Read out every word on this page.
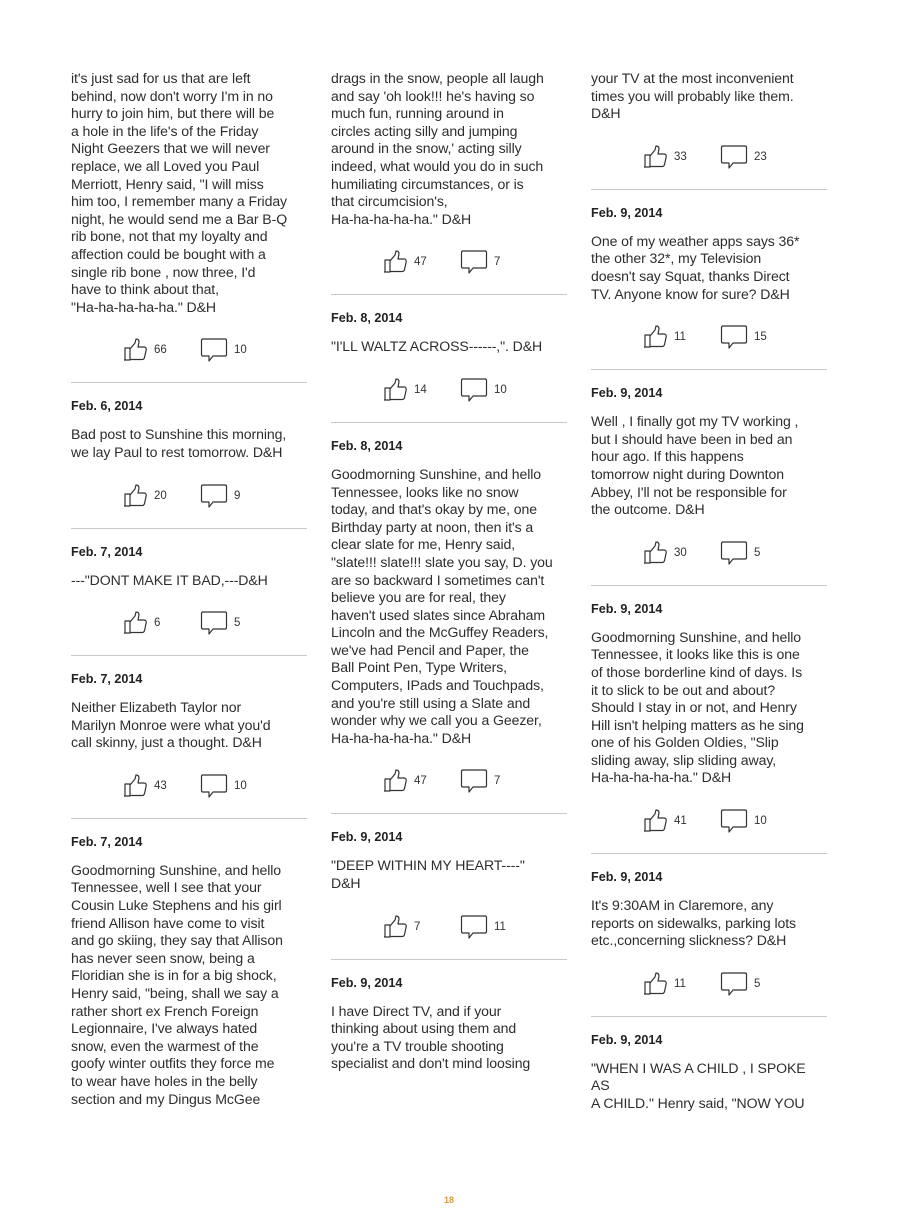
it's just sad for us that are left
behind, now don't worry I'm in no
hurry to join him, but there will be
a hole in the life's of the Friday
Night Geezers that we will never
replace, we all Loved you Paul
Merriott, Henry said, "I will miss
him too, I remember many a Friday
night, he would send me a Bar B-Q
rib bone, not that my loyalty and
affection could be bought with a
single rib bone , now three, I'd
have to think about that,
"Ha-ha-ha-ha-ha." D&H

66	10

Feb. 6, 2014

Bad post to Sunshine this morning,
we lay Paul to rest tomorrow. D&H

20	9

Feb. 7, 2014

---"DONT MAKE IT BAD,---D&H

6	5

Feb. 7, 2014

Neither Elizabeth Taylor nor
Marilyn Monroe were what you'd
call skinny, just a thought. D&H

43	10

Feb. 7, 2014

Goodmorning Sunshine, and hello
Tennessee, well I see that your
Cousin Luke Stephens and his girl
friend Allison have come to visit
and go skiing, they say that Allison
has never seen snow, being a
Floridian she is in for a big shock,
Henry said, "being, shall we say a
rather short ex French Foreign
Legionnaire, I've always hated
snow, even the warmest of the
goofy winter outfits they force me
to wear have holes in the belly
section and my Dingus McGee

drags in the snow, people all laugh
and say 'oh look!!! he's having so
much fun, running around in
circles acting silly and jumping
around in the snow,' acting silly
indeed, what would you do in such
humiliating circumstances, or is
that circumcision's,
Ha-ha-ha-ha-ha." D&H

47	7

Feb. 8, 2014

"I'LL WALTZ ACROSS------,". D&H

14	10

Feb. 8, 2014

Goodmorning Sunshine, and hello
Tennessee, looks like no snow
today, and that's okay by me, one
Birthday party at noon, then it's a
clear slate for me, Henry said,
"slate!!! slate!!! slate you say, D. you
are so backward I sometimes can't
believe you are for real, they
haven't used slates since Abraham
Lincoln and the McGuffey Readers,
we've had Pencil and Paper, the
Ball Point Pen, Type Writers,
Computers, IPads and Touchpads,
and you're still using a Slate and
wonder why we call you a Geezer,
Ha-ha-ha-ha-ha." D&H

47	7

Feb. 9, 2014

"DEEP WITHIN MY HEART----"
D&H

7	11

Feb. 9, 2014

I have Direct TV, and if your
thinking about using them and
you're a TV trouble shooting
specialist and don't mind loosing

your TV at the most inconvenient
times you will probably like them.
D&H

33	23

Feb. 9, 2014

One of my weather apps says 36*
the other 32*, my Television
doesn't say Squat, thanks Direct
TV. Anyone know for sure? D&H

11	15

Feb. 9, 2014

Well , I finally got my TV working ,
but I should have been in bed an
hour ago. If this happens
tomorrow night during Downton
Abbey, I'll not be responsible for
the outcome. D&H

30	5

Feb. 9, 2014

Goodmorning Sunshine, and hello
Tennessee, it looks like this is one
of those borderline kind of days. Is
it to slick to be out and about?
Should I stay in or not, and Henry
Hill isn't helping matters as he sing
one of his Golden Oldies, "Slip
sliding away, slip sliding away,
Ha-ha-ha-ha-ha." D&H

41	10

Feb. 9, 2014

It's 9:30AM in Claremore, any
reports on sidewalks, parking lots
etc.,concerning slickness? D&H

11	5

Feb. 9, 2014

"WHEN I WAS A CHILD , I SPOKE AS
A CHILD." Henry said, "NOW YOU

18
